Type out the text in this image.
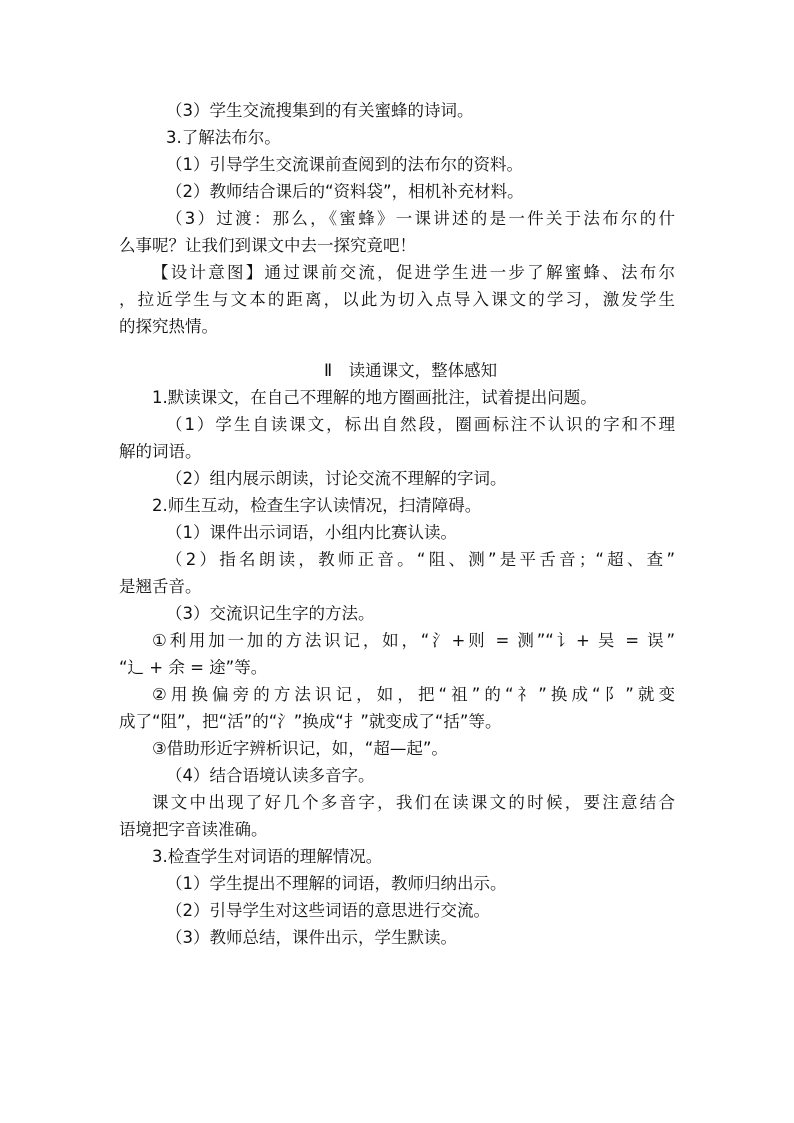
（3）学生交流搜集到的有关蜜蜂的诗词。
3.了解法布尔。
（1）引导学生交流课前查阅到的法布尔的资料。
（2）教师结合课后的“资料袋”，相机补充材料。
（3）过渡：那么，《蜜蜂》一课讲述的是一件关于法布尔的什
么事呢？让我们到课文中去一探究竟吧！
【设计意图】通过课前交流，促进学生进一步了解蜜蜂、法布尔
，拉近学生与文本的距离，以此为切入点导入课文的学习，激发学生
的探究热情。
Ⅱ　读通课文，整体感知
1.默读课文，在自己不理解的地方圈画批注，试着提出问题。
（1）学生自读课文，标出自然段，圈画标注不认识的字和不理
解的词语。
（2）组内展示朗读，讨论交流不理解的字词。
2.师生互动，检查生字认读情况，扫清障碍。
（1）课件出示词语，小组内比赛认读。
（2）指名朗读，教师正音。“阻、测”是平舌音；“超、查”
是翘舌音。
（3）交流识记生字的方法。
①利用加一加的方法识记，如，“氵+则 = 测”“讠+ 吴 = 误”
“辶 + 余 = 途”等。
②用换偏旁的方法识记，如，把“祖”的“礻”换成“阝”就变
成了“阻”，把“活”的“氵”换成“扌”就变成了“括”等。
③借助形近字辨析识记，如，“超—起”。
（4）结合语境认读多音字。
课文中出现了好几个多音字，我们在读课文的时候，要注意结合
语境把字音读准确。
3.检查学生对词语的理解情况。
（1）学生提出不理解的词语，教师归纳出示。
（2）引导学生对这些词语的意思进行交流。
（3）教师总结，课件出示，学生默读。
